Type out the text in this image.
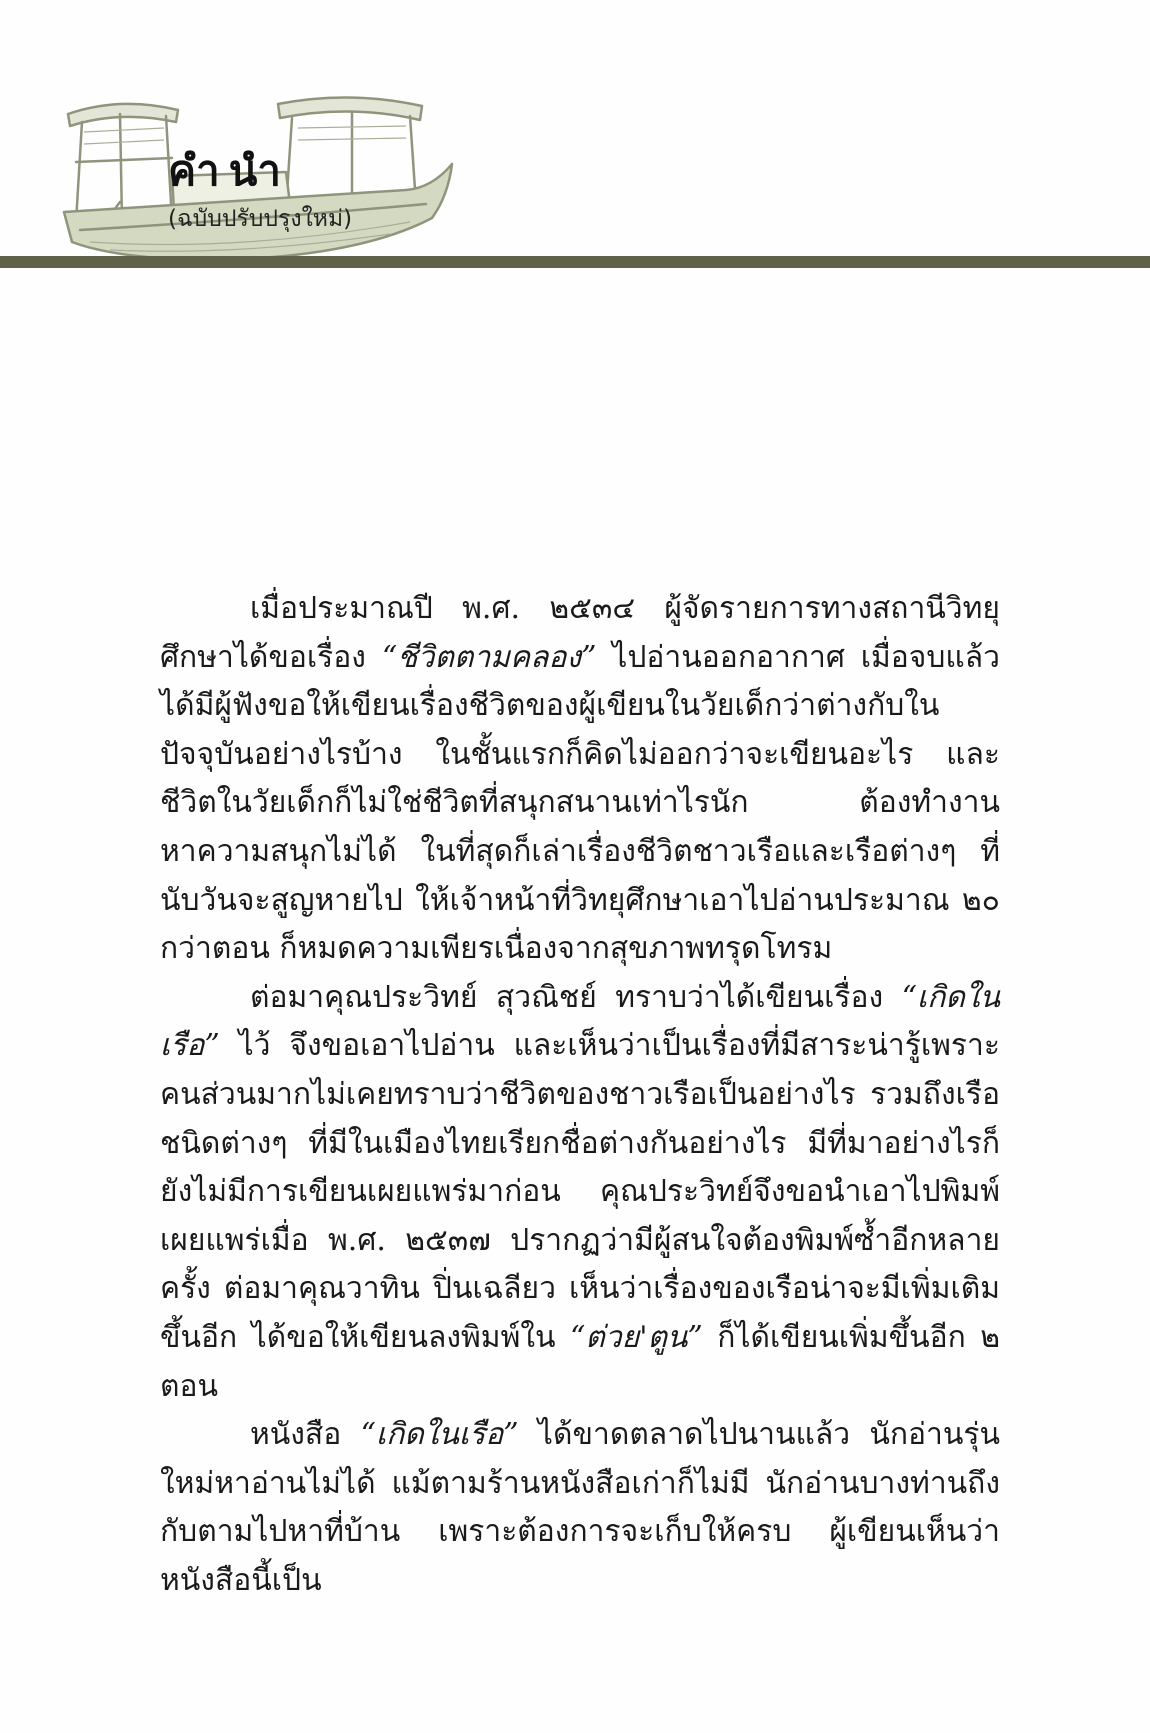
คำนำ
(ฉบับปรับปรุงใหม่)

เมื่อประมาณปี พ.ศ. ๒๕๓๔ ผู้จัดรายการทางสถานีวิทยุศึกษาได้ขอเรื่อง “ชีวิตตามคลอง” ไปอ่านออกอากาศ เมื่อจบแล้วได้มีผู้ฟังขอให้เขียนเรื่องชีวิตของผู้เขียนในวัยเด็กว่าต่างกับในปัจจุบันอย่างไรบ้าง ในชั้นแรกก็คิดไม่ออกว่าจะเขียนอะไร และชีวิตในวัยเด็กก็ไม่ใช่ชีวิตที่สนุกสนานเท่าไรนัก ต้องทำงานหาความสนุกไม่ได้ ในที่สุดก็เล่าเรื่องชีวิตชาวเรือและเรือต่างๆ ที่นับวันจะสูญหายไป ให้เจ้าหน้าที่วิทยุศึกษาเอาไปอ่านประมาณ ๒๐ กว่าตอน ก็หมดความเพียรเนื่องจากสุขภาพทรุดโทรม

ต่อมาคุณประวิทย์ สุวณิชย์ ทราบว่าได้เขียนเรื่อง “เกิดในเรือ” ไว้ จึงขอเอาไปอ่าน และเห็นว่าเป็นเรื่องที่มีสาระน่ารู้เพราะคนส่วนมากไม่เคยทราบว่าชีวิตของชาวเรือเป็นอย่างไร รวมถึงเรือชนิดต่างๆ ที่มีในเมืองไทยเรียกชื่อต่างกันอย่างไร มีที่มาอย่างไรก็ยังไม่มีการเขียนเผยแพร่มาก่อน คุณประวิทย์จึงขอนำเอาไปพิมพ์เผยแพร่เมื่อ พ.ศ. ๒๕๓๗ ปรากฏว่ามีผู้สนใจต้องพิมพ์ซ้ำอีกหลายครั้ง ต่อมาคุณวาทิน ปิ่นเฉลียว เห็นว่าเรื่องของเรือน่าจะมีเพิ่มเติมขึ้นอีก ได้ขอให้เขียนลงพิมพ์ใน “ต่วย'ตูน” ก็ได้เขียนเพิ่มขึ้นอีก ๒ ตอน

หนังสือ “เกิดในเรือ” ได้ขาดตลาดไปนานแล้ว นักอ่านรุ่นใหม่หาอ่านไม่ได้ แม้ตามร้านหนังสือเก่าก็ไม่มี นักอ่านบางท่านถึงกับตามไปหาที่บ้าน เพราะต้องการจะเก็บให้ครบ ผู้เขียนเห็นว่าหนังสือนี้เป็น
